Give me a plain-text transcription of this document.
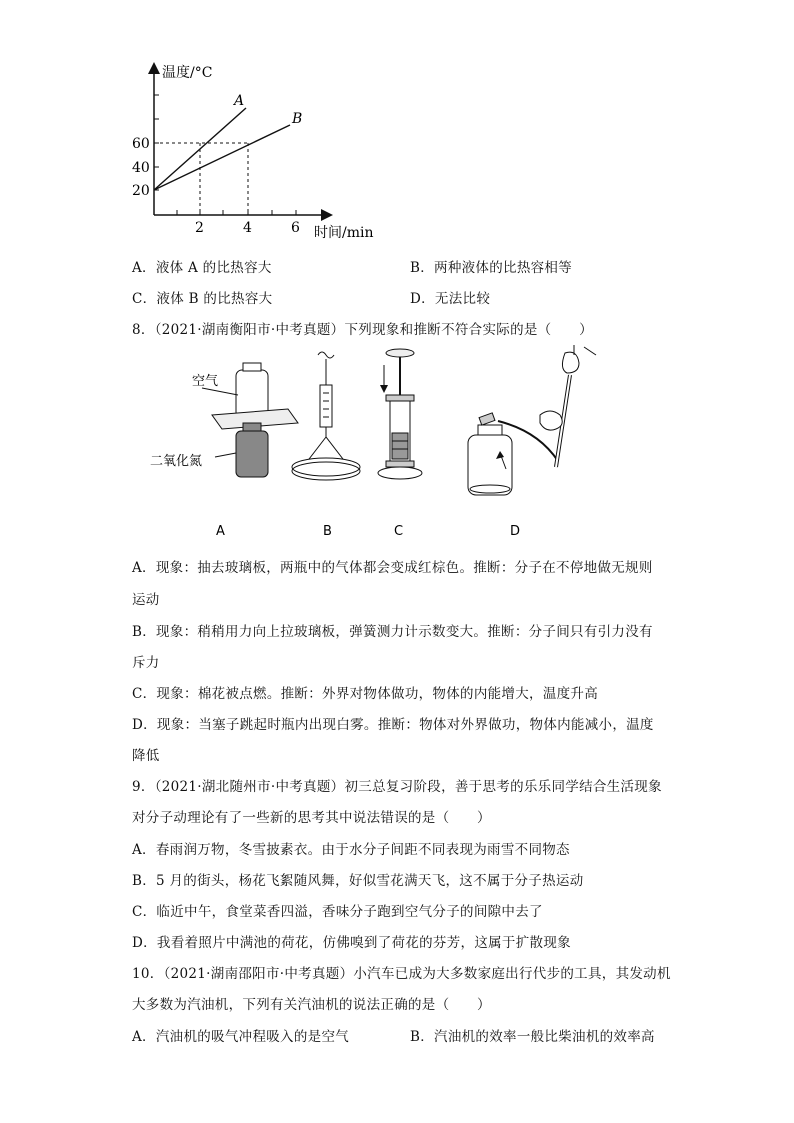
A
B
温度/°C
时间/min
60
40
20
2	4	6
A．液体 A 的比热容大	B．两种液体的比热容相等
C．液体 B 的比热容大	D．无法比较
8．（2021·湖南衡阳市·中考真题）下列现象和推断不符合实际的是（　　）
空气
二氧化氮
A	B	C	D
A．现象：抽去玻璃板，两瓶中的气体都会变成红棕色。推断：分子在不停地做无规则
运动
B．现象：稍稍用力向上拉玻璃板，弹簧测力计示数变大。推断：分子间只有引力没有
斥力
C．现象：棉花被点燃。推断：外界对物体做功，物体的内能增大，温度升高
D．现象：当塞子跳起时瓶内出现白雾。推断：物体对外界做功，物体内能减小，温度
降低
9．（2021·湖北随州市·中考真题）初三总复习阶段，善于思考的乐乐同学结合生活现象
对分子动理论有了一些新的思考其中说法错误的是（　　）
A．春雨润万物，冬雪披素衣。由于水分子间距不同表现为雨雪不同物态
B．5 月的街头，杨花飞絮随风舞，好似雪花满天飞，这不属于分子热运动
C．临近中午，食堂菜香四溢，香味分子跑到空气分子的间隙中去了
D．我看着照片中满池的荷花，仿佛嗅到了荷花的芬芳，这属于扩散现象
10．（2021·湖南邵阳市·中考真题）小汽车已成为大多数家庭出行代步的工具，其发动机
大多数为汽油机，下列有关汽油机的说法正确的是（　　）
A．汽油机的吸气冲程吸入的是空气	B．汽油机的效率一般比柴油机的效率高
